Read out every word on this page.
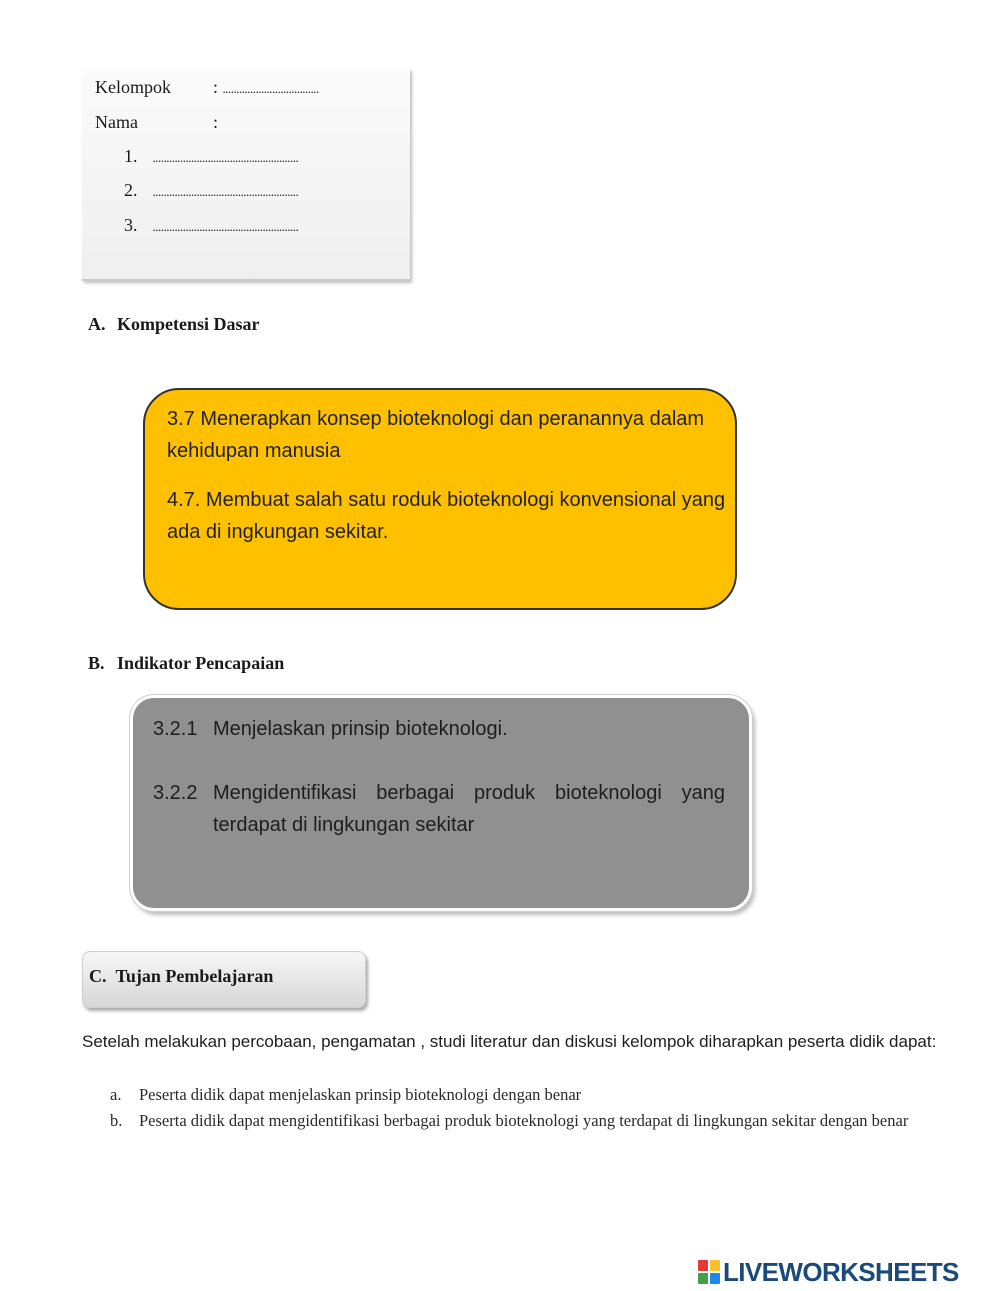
Kelompok : ...................................
Nama	:
1. .....................................................
2. .....................................................
3. .....................................................
A. Kompetensi Dasar
3.7 Menerapkan konsep bioteknologi dan peranannya dalam kehidupan manusia
4.7. Membuat salah satu roduk bioteknologi konvensional yang ada di ingkungan sekitar.
B. Indikator Pencapaian
3.2.1 Menjelaskan prinsip bioteknologi.
3.2.2 Mengidentifikasi berbagai produk bioteknologi yang terdapat di lingkungan sekitar
C. Tujan Pembelajaran
Setelah melakukan percobaan, pengamatan , studi literatur dan diskusi kelompok diharapkan peserta didik dapat:
a. Peserta didik dapat menjelaskan prinsip bioteknologi dengan benar
b. Peserta didik dapat mengidentifikasi berbagai produk bioteknologi yang terdapat di lingkungan sekitar dengan benar
LIVEWORKSHEETS
